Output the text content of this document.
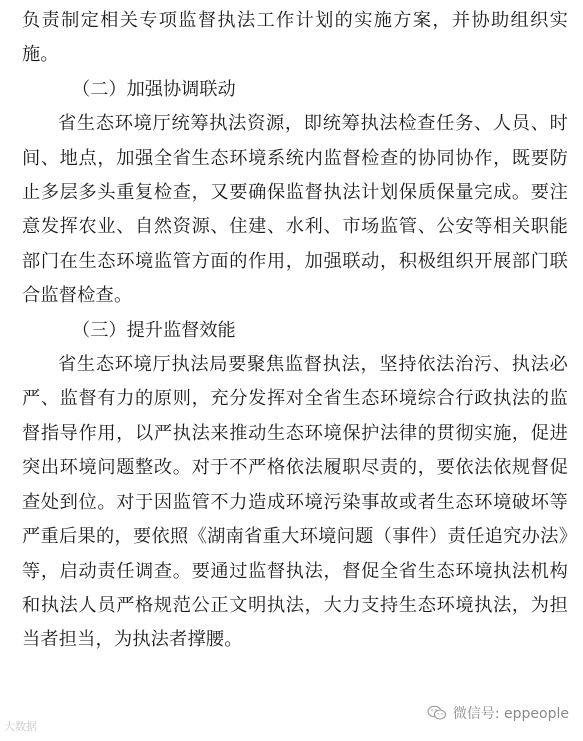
负责制定相关专项监督执法工作计划的实施方案，并协助组织实施。

（二）加强协调联动

省生态环境厅统筹执法资源，即统筹执法检查任务、人员、时间、地点，加强全省生态环境系统内监督检查的协同协作，既要防止多层多头重复检查，又要确保监督执法计划保质保量完成。要注意发挥农业、自然资源、住建、水利、市场监管、公安等相关职能部门在生态环境监管方面的作用，加强联动，积极组织开展部门联合监督检查。

（三）提升监督效能

省生态环境厅执法局要聚焦监督执法，坚持依法治污、执法必严、监督有力的原则，充分发挥对全省生态环境综合行政执法的监督指导作用，以严执法来推动生态环境保护法律的贯彻实施，促进突出环境问题整改。对于不严格依法履职尽责的，要依法依规督促查处到位。对于因监管不力造成环境污染事故或者生态环境破坏等严重后果的，要依照《湖南省重大环境问题（事件）责任追究办法》等，启动责任调查。要通过监督执法，督促全省生态环境执法机构和执法人员严格规范公正文明执法，大力支持生态环境执法，为担当者担当，为执法者撑腰。

大数据
微信号: eppeople
